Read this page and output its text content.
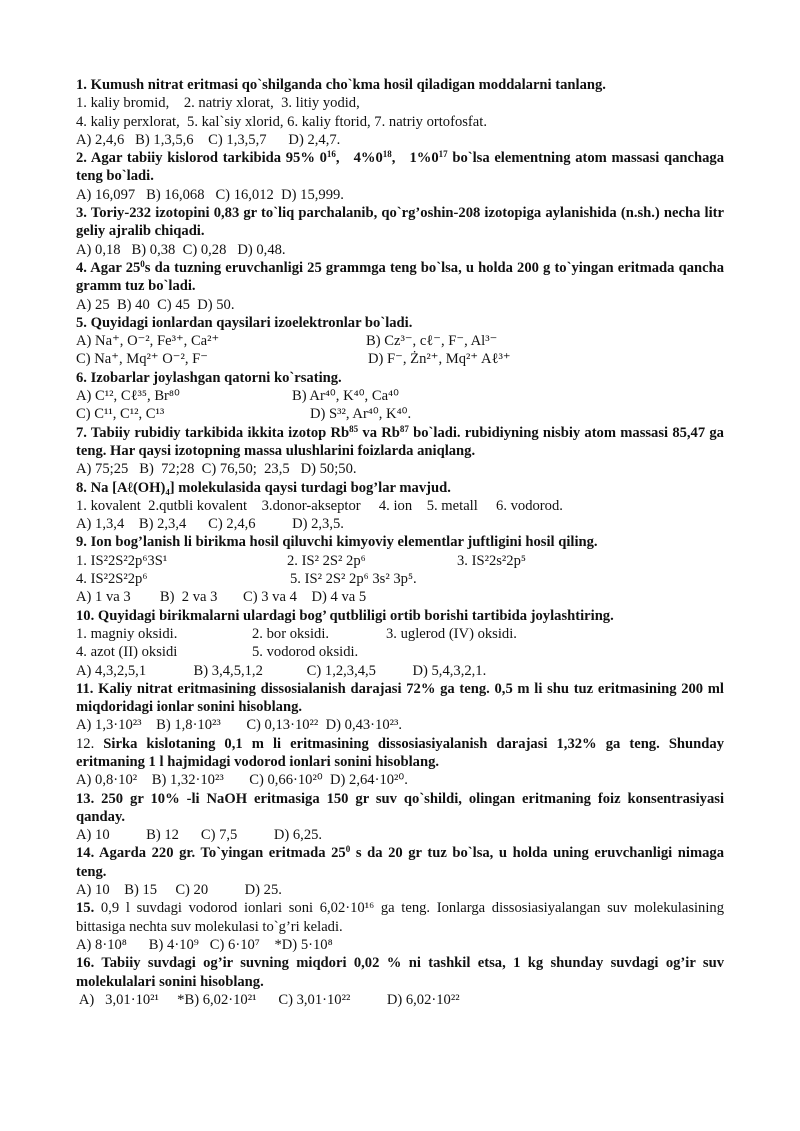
1. Kumush nitrat eritmasi qo`shilganda cho`kma hosil qiladigan moddalarni tanlang.
1. kaliy bromid,    2. natriy xlorat,  3. litiy yodid,
4. kaliy perxlorat,  5. kal`siy xlorid, 6. kaliy ftorid, 7. natriy ortofosfat.
A) 2,4,6   B) 1,3,5,6    C) 1,3,5,7      D) 2,4,7.
2. Agar tabiiy kislorod tarkibida 95% $0^{16}$,   $4\%0^{18}$,   $1\%0^{17}$ bo`lsa elementning atom massasi qanchaga teng bo`ladi.
A) 16,097   B) 16,068   C) 16,012  D) 15,999.
3. Toriy-232 izotopini 0,83 gr to`liq parchalanib, qo`rg’oshin-208 izotopiga aylanishida (n.sh.) necha litr geliy ajralib chiqadi.
A) 0,18   B) 0,38  C) 0,28   D) 0,48.
4. Agar $25^0s$ da tuzning eruvchanligi 25 grammga teng bo`lsa, u holda 200 g to`yingan eritmada qancha gramm tuz bo`ladi.
A) 25  B) 40  C) 45  D) 50.
5. Quyidagi ionlardan qaysilari izoelektronlar bo`ladi.
A) Na⁺, O⁻², Fe³⁺, Ca²⁺	B) Cz³⁻, cℓ⁻, F⁻, Al³⁻
C) Na⁺, Mq²⁺ O⁻², F⁻	D) F⁻, Żn²⁺, Mq²⁺ Aℓ³⁺
6. Izobarlar joylashgan qatorni ko`rsating.
A) C¹², Cℓ³⁵, Br⁸⁰	B) Ar⁴⁰, K⁴⁰, Ca⁴⁰
C) C¹¹, C¹², C¹³	D) S³², Ar⁴⁰, K⁴⁰.
7. Tabiiy rubidiy tarkibida ikkita izotop Rb$^{85}$ va Rb$^{87}$ bo`ladi. rubidiyning nisbiy atom massasi 85,47 ga teng. Har qaysi izotopning massa ulushlarini foizlarda aniqlang.
A) 75;25   B)  72;28  C) 76,50;  23,5   D) 50;50.
8. Na [Aℓ(OH)₄] molekulasida qaysi turdagi bog’lar mavjud.
1. kovalent  2.qutbli kovalent    3.donor-akseptor     4. ion    5. metall     6. vodorod.
A) 1,3,4    B) 2,3,4      C) 2,4,6          D) 2,3,5.
9. Ion bog’lanish li birikma hosil qiluvchi kimyoviy elementlar juftligini hosil qiling.
1. IS²2S²2p⁶3S¹	2. IS² 2S² 2p⁶	3. IS²2s²2p⁵
4. IS²2S²2p⁶	5. IS² 2S² 2p⁶ 3s² 3p⁵.
A) 1 va 3        B)  2 va 3       C) 3 va 4    D) 4 va 5
10. Quyidagi birikmalarni ulardagi bog’ qutbliligi ortib borishi tartibida joylashtiring.
1. magniy oksidi.	2. bor oksidi.	3. uglerod (IV) oksidi.
4. azot (II) oksidi	5. vodorod oksidi.
A) 4,3,2,5,1             B) 3,4,5,1,2            C) 1,2,3,4,5          D) 5,4,3,2,1.
11. Kaliy nitrat eritmasining dissosialanish darajasi 72% ga teng. 0,5 m li shu tuz eritmasining 200 ml miqdoridagi ionlar sonini hisoblang.
A) 1,3·10²³    B) 1,8·10²³       C) 0,13·10²²  D) 0,43·10²³.
12. Sirka kislotaning 0,1 m li eritmasining dissosiasiyalanish darajasi 1,32% ga teng. Shunday eritmaning 1 l hajmidagi vodorod ionlari sonini hisoblang.
A) 0,8·10²    B) 1,32·10²³       C) 0,66·10²⁰  D) 2,64·10²⁰.
13. 250 gr 10% -li NaOH eritmasiga 150 gr suv qo`shildi, olingan eritmaning foiz konsentrasiyasi qanday.
A) 10          B) 12      C) 7,5          D) 6,25.
14. Agarda 220 gr. To`yingan eritmada $25^0$ s da 20 gr tuz bo`lsa, u holda uning eruvchanligi nimaga teng.
A) 10    B) 15     C) 20          D) 25.
15. 0,9 l suvdagi vodorod ionlari soni 6,02·10¹⁶ ga teng. Ionlarga dissosiasiyalangan suv molekulasining bittasiga nechta suv molekulasi to`g’ri keladi.
A) 8·10⁸      B) 4·10⁹   C) 6·10⁷    *D) 5·10⁸
16. Tabiiy suvdagi og’ir suvning miqdori 0,02 % ni tashkil etsa, 1 kg shunday suvdagi og’ir suv molekulalari sonini hisoblang.
A)   3,01·10²¹     *B) 6,02·10²¹      C) 3,01·10²²          D) 6,02·10²²
